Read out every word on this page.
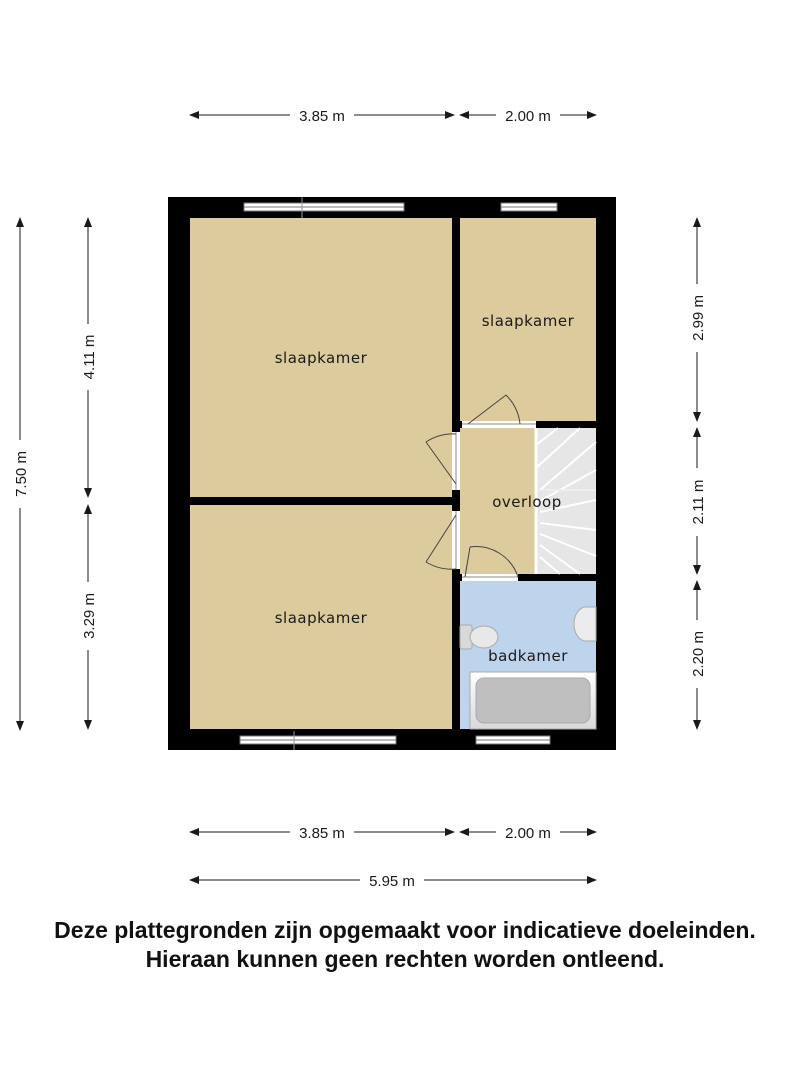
3.85 m	2.00 m
3.85 m	2.00 m
5.95 m
7.50 m
4.11 m
3.29 m
2.99 m
2.11 m
2.20 m
slaapkamer
slaapkamer
slaapkamer
overloop
badkamer
Deze plattegronden zijn opgemaakt voor indicatieve doeleinden.
Hieraan kunnen geen rechten worden ontleend.
